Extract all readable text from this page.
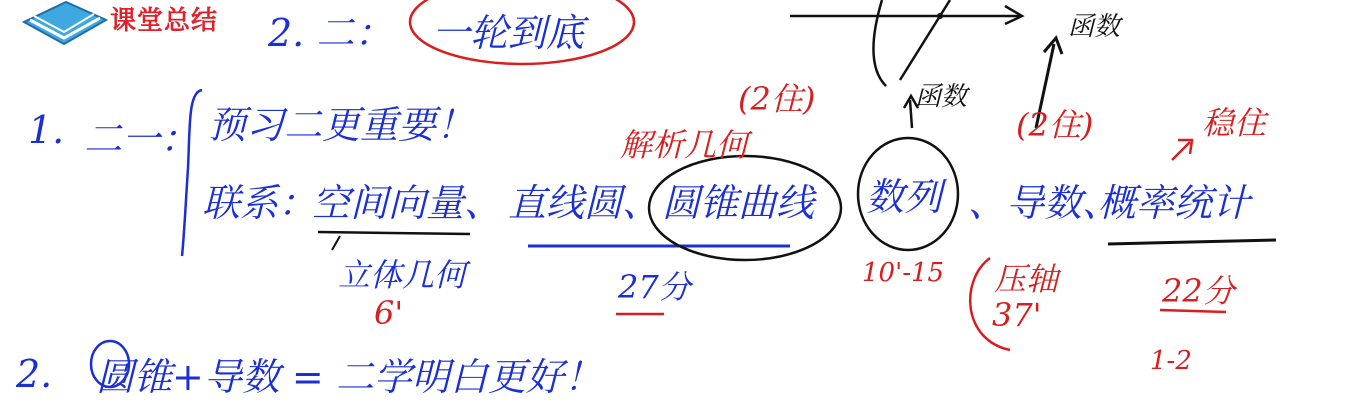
课堂总结 2. 二： 一轮到底
函数
函数
1. 二一： 预习二更重要！
联系：
空间向量、 直线圆、 圆锥曲线 数列 、导数、
概率统计
解析几何
(2住)
(2住)	稳住
立体几何
6'
27分	10'-15 压轴
37'
22分
1-2
2. 圆锥+导数 = 二学明白更好！
